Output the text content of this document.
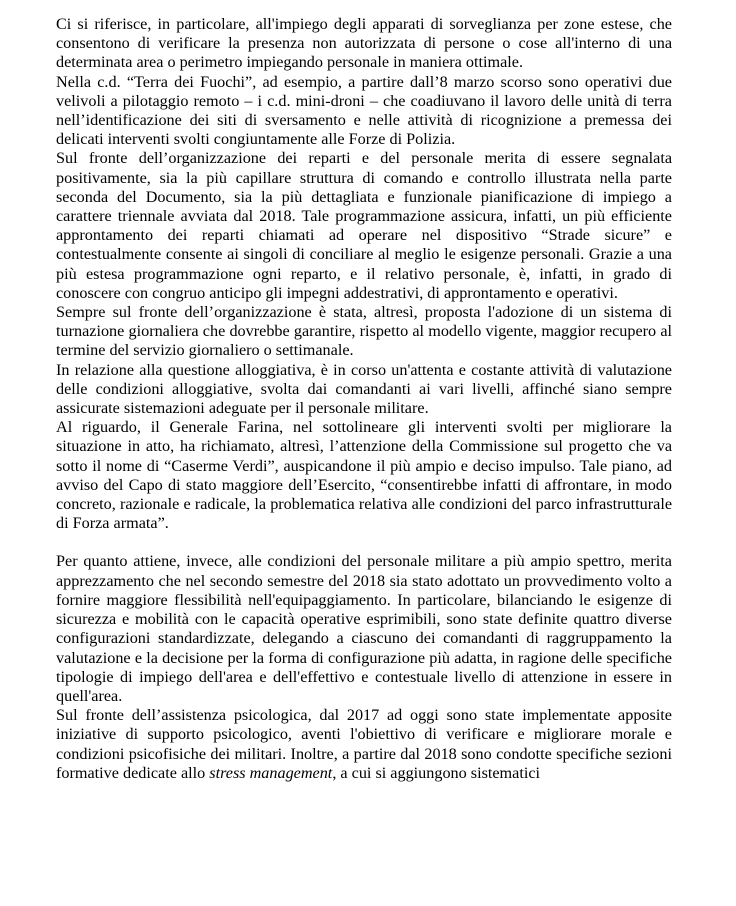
Ci si riferisce, in particolare, all'impiego degli apparati di sorveglianza per zone estese, che consentono di verificare la presenza non autorizzata di persone o cose all'interno di una determinata area o perimetro impiegando personale in maniera ottimale.

Nella c.d. “Terra dei Fuochi”, ad esempio, a partire dall’8 marzo scorso sono operativi due velivoli a pilotaggio remoto – i c.d. mini-droni – che coadiuvano il lavoro delle unità di terra nell’identificazione dei siti di sversamento e nelle attività di ricognizione a premessa dei delicati interventi svolti congiuntamente alle Forze di Polizia.

Sul fronte dell’organizzazione dei reparti e del personale merita di essere segnalata positivamente, sia la più capillare struttura di comando e controllo illustrata nella parte seconda del Documento, sia la più dettagliata e funzionale pianificazione di impiego a carattere triennale avviata dal 2018. Tale programmazione assicura, infatti, un più efficiente approntamento dei reparti chiamati ad operare nel dispositivo “Strade sicure” e contestualmente consente ai singoli di conciliare al meglio le esigenze personali. Grazie a una più estesa programmazione ogni reparto, e il relativo personale, è, infatti, in grado di conoscere con congruo anticipo gli impegni addestrativi, di approntamento e operativi.

Sempre sul fronte dell’organizzazione è stata, altresì, proposta l'adozione di un sistema di turnazione giornaliera che dovrebbe garantire, rispetto al modello vigente, maggior recupero al termine del servizio giornaliero o settimanale.

In relazione alla questione alloggiativa, è in corso un'attenta e costante attività di valutazione delle condizioni alloggiative, svolta dai comandanti ai vari livelli, affinché siano sempre assicurate sistemazioni adeguate per il personale militare.

Al riguardo, il Generale Farina, nel sottolineare gli interventi svolti per migliorare la situazione in atto, ha richiamato, altresì, l’attenzione della Commissione sul progetto che va sotto il nome di “Caserme Verdi”, auspicandone il più ampio e deciso impulso. Tale piano, ad avviso del Capo di stato maggiore dell’Esercito, “consentirebbe infatti di affrontare, in modo concreto, razionale e radicale, la problematica relativa alle condizioni del parco infrastrutturale di Forza armata”.

Per quanto attiene, invece, alle condizioni del personale militare a più ampio spettro, merita apprezzamento che nel secondo semestre del 2018 sia stato adottato un provvedimento volto a fornire maggiore flessibilità nell'equipaggiamento. In particolare, bilanciando le esigenze di sicurezza e mobilità con le capacità operative esprimibili, sono state definite quattro diverse configurazioni standardizzate, delegando a ciascuno dei comandanti di raggruppamento la valutazione e la decisione per la forma di configurazione più adatta, in ragione delle specifiche tipologie di impiego dell'area e dell'effettivo e contestuale livello di attenzione in essere in quell'area.

Sul fronte dell’assistenza psicologica, dal 2017 ad oggi sono state implementate apposite iniziative di supporto psicologico, aventi l'obiettivo di verificare e migliorare morale e condizioni psicofisiche dei militari. Inoltre, a partire dal 2018 sono condotte specifiche sezioni formative dedicate allo stress management, a cui si aggiungono sistematici
